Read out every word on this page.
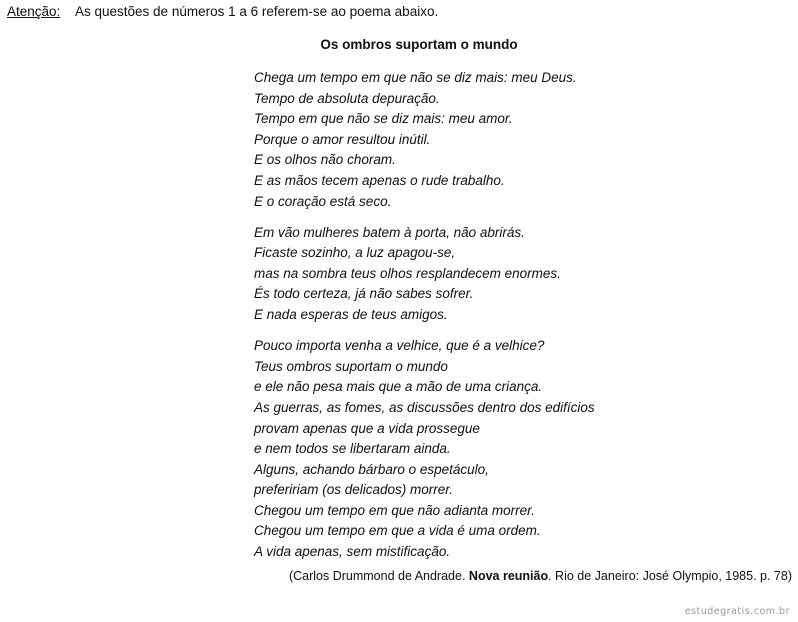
Atenção: As questões de números 1 a 6 referem-se ao poema abaixo.
Os ombros suportam o mundo
Chega um tempo em que não se diz mais: meu Deus.
Tempo de absoluta depuração.
Tempo em que não se diz mais: meu amor.
Porque o amor resultou inútil.
E os olhos não choram.
E as mãos tecem apenas o rude trabalho.
E o coração está seco.
Em vão mulheres batem à porta, não abrirás.
Ficaste sozinho, a luz apagou-se,
mas na sombra teus olhos resplandecem enormes.
És todo certeza, já não sabes sofrer.
E nada esperas de teus amigos.
Pouco importa venha a velhice, que é a velhice?
Teus ombros suportam o mundo
e ele não pesa mais que a mão de uma criança.
As guerras, as fomes, as discussões dentro dos edifícios
provam apenas que a vida prossegue
e nem todos se libertaram ainda.
Alguns, achando bárbaro o espetáculo,
prefeririam (os delicados) morrer.
Chegou um tempo em que não adianta morrer.
Chegou um tempo em que a vida é uma ordem.
A vida apenas, sem mistificação.
(Carlos Drummond de Andrade. Nova reunião. Rio de Janeiro: José Olympio, 1985. p. 78)
estudegratis.com.br
